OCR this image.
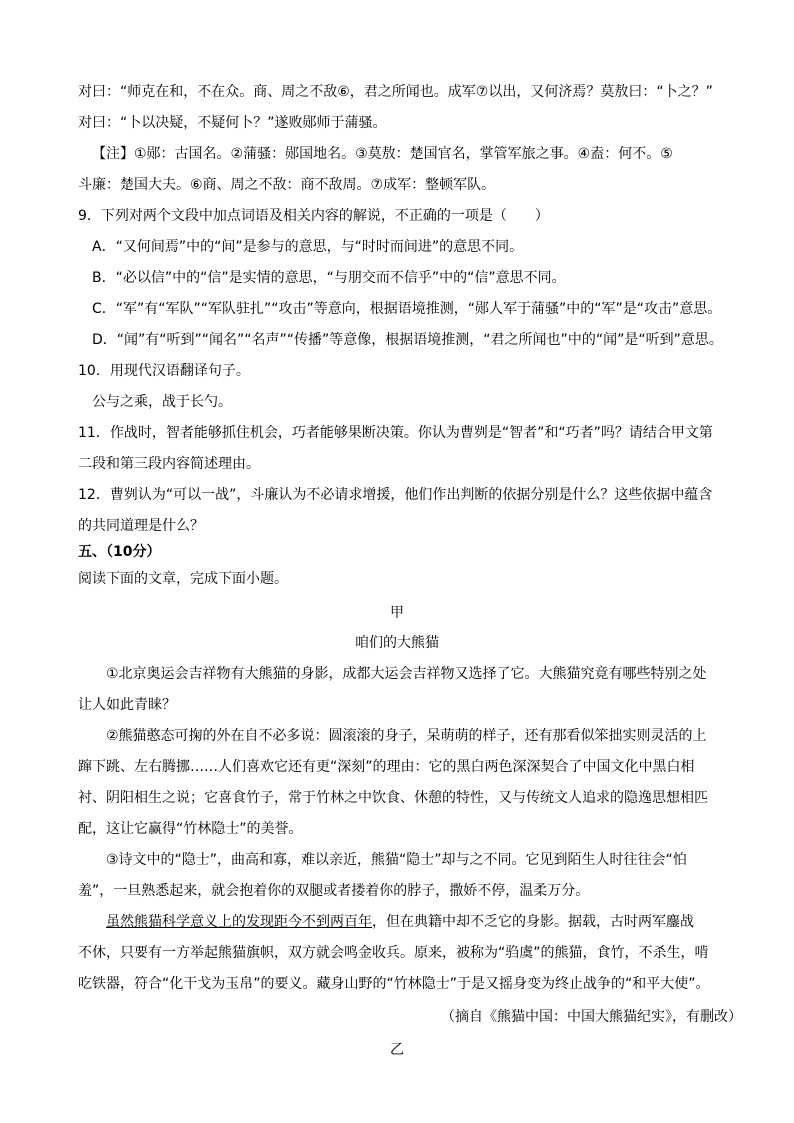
对曰：“师克在和，不在众。商、周之不敌⑥，君之所闻也。成军⑦以出，又何济焉？莫敖曰：“卜之？”
对曰：“卜以决疑，不疑何卜？”遂败郧师于蒲骚。
【注】①郧：古国名。②蒲骚：郧国地名。③莫敖：楚国官名，掌管军旅之事。④盍：何不。⑤
斗廉：楚国大夫。⑥商、周之不敌：商不敌周。⑦成军：整顿军队。
9．下列对两个文段中加点词语及相关内容的解说，不正确的一项是（　　）
A．“又何间焉”中的“间”是参与的意思，与“时时而间进”的意思不同。
B．“必以信”中的“信”是实情的意思，“与朋交而不信乎”中的“信”意思不同。
C．“军”有“军队”“军队驻扎”“攻击”等意向，根据语境推测，“郧人军于蒲骚”中的“军”是“攻击”意思。
D．“闻”有“听到”“闻名”“名声”“传播”等意像，根据语境推测，“君之所闻也”中的“闻”是“听到”意思。
10．用现代汉语翻译句子。
公与之乘，战于长勺。
11．作战时，智者能够抓住机会，巧者能够果断决策。你认为曹刿是“智者”和“巧者”吗？请结合甲文第
二段和第三段内容简述理由。
12．曹刿认为“可以一战”，斗廉认为不必请求增援，他们作出判断的依据分别是什么？这些依据中蕴含
的共同道理是什么？
五、（10分）
阅读下面的文章，完成下面小题。
甲
咱们的大熊猫
①北京奥运会吉祥物有大熊猫的身影，成都大运会吉祥物又选择了它。大熊猫究竟有哪些特别之处
让人如此青睐？
②熊猫憨态可掬的外在自不必多说：圆滚滚的身子，呆萌萌的样子，还有那看似笨拙实则灵活的上
蹿下跳、左右腾挪……人们喜欢它还有更“深刻”的理由：它的黑白两色深深契合了中国文化中黑白相
衬、阴阳相生之说；它喜食竹子，常于竹林之中饮食、休憩的特性，又与传统文人追求的隐逸思想相匹
配，这让它赢得“竹林隐士”的美誉。
③诗文中的“隐士”，曲高和寡，难以亲近，熊猫“隐士”却与之不同。它见到陌生人时往往会“怕
羞”，一旦熟悉起来，就会抱着你的双腿或者搂着你的脖子，撒娇不停，温柔万分。
虽然熊猫科学意义上的发现距今不到两百年，但在典籍中却不乏它的身影。据载，古时两军鏖战
不休，只要有一方举起熊猫旗帜，双方就会鸣金收兵。原来，被称为“驺虞”的熊猫，食竹，不杀生，啃
吃铁器，符合“化干戈为玉帛”的要义。藏身山野的“竹林隐士”于是又摇身变为终止战争的“和平大使”。
（摘自《熊猫中国：中国大熊猫纪实》，有删改）
乙
